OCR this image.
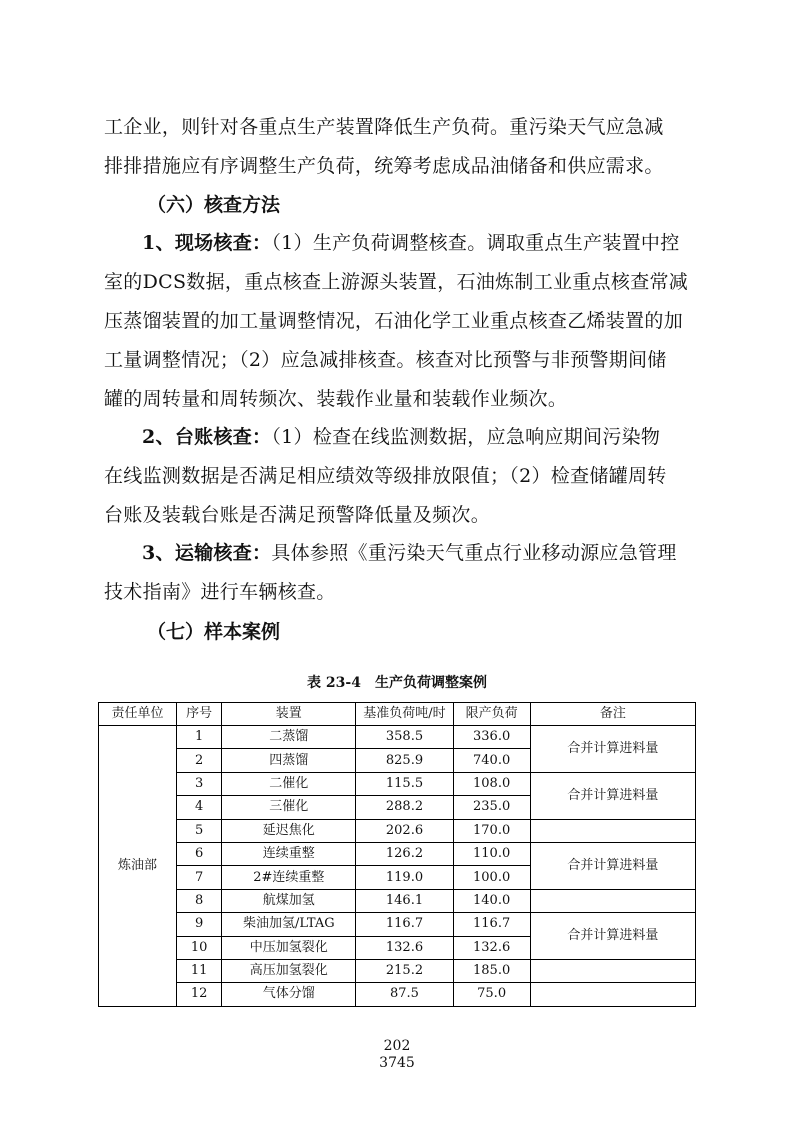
工企业，则针对各重点生产装置降低生产负荷。重污染天气应急减
排排措施应有序调整生产负荷，统筹考虑成品油储备和供应需求。

（六）核查方法

1、现场核查：（1）生产负荷调整核查。调取重点生产装置中控
室的DCS数据，重点核查上游源头装置，石油炼制工业重点核查常减
压蒸馏装置的加工量调整情况，石油化学工业重点核查乙烯装置的加
工量调整情况；（2）应急减排核查。核查对比预警与非预警期间储
罐的周转量和周转频次、装载作业量和装载作业频次。

2、台账核查：（1）检查在线监测数据，应急响应期间污染物
在线监测数据是否满足相应绩效等级排放限值；（2）检查储罐周转
台账及装载台账是否满足预警降低量及频次。

3、运输核查：具体参照《重污染天气重点行业移动源应急管理
技术指南》进行车辆核查。

（七）样本案例

表 23-4　生产负荷调整案例
责任单位	序号	装置	基准负荷吨/时	限产负荷	备注
炼油部	1	二蒸馏	358.5	336.0	合并计算进料量
	2	四蒸馏	825.9	740.0	
	3	二催化	115.5	108.0	合并计算进料量
	4	三催化	288.2	235.0	
	5	延迟焦化	202.6	170.0	
	6	连续重整	126.2	110.0	合并计算进料量
	7	2#连续重整	119.0	100.0	
	8	航煤加氢	146.1	140.0	
	9	柴油加氢/LTAG	116.7	116.7	合并计算进料量
	10	中压加氢裂化	132.6	132.6	
	11	高压加氢裂化	215.2	185.0	
	12	气体分馏	87.5	75.0	
202
3745
